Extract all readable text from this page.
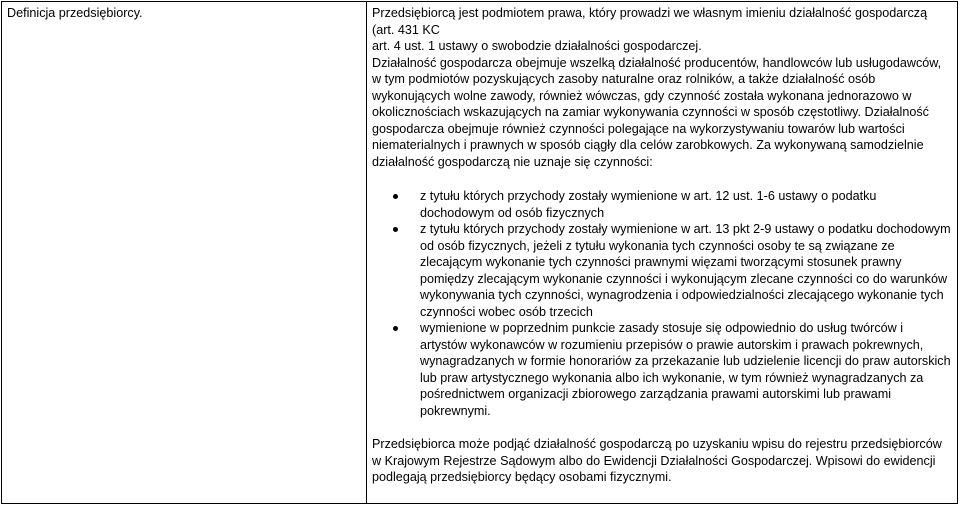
Definicja przedsiębiorcy.	Przedsiębiorcą jest podmiotem prawa, który prowadzi we własnym imieniu działalność gospodarczą (art. 431 KC

art. 4 ust. 1 ustawy o swobodzie działalności gospodarczej.

Działalność gospodarcza obejmuje wszelką działalność producentów, handlowców lub usługodawców, w tym podmiotów pozyskujących zasoby naturalne oraz rolników, a także działalność osób wykonujących wolne zawody, również wówczas, gdy czynność została wykonana jednorazowo w okolicznościach wskazujących na zamiar wykonywania czynności w sposób częstotliwy. Działalność gospodarcza obejmuje również czynności polegające na wykorzystywaniu towarów lub wartości niematerialnych i prawnych w sposób ciągły dla celów zarobkowych. Za wykonywaną samodzielnie działalność gospodarczą nie uznaje się czynności:

z tytułu których przychody zostały wymienione w art. 12 ust. 1-6 ustawy o podatku dochodowym od osób fizycznych
z tytułu których przychody zostały wymienione w art. 13 pkt 2-9 ustawy o podatku dochodowym od osób fizycznych, jeżeli z tytułu wykonania tych czynności osoby te są związane ze zlecającym wykonanie tych czynności prawnymi więzami tworzącymi stosunek prawny pomiędzy zlecającym wykonanie czynności i wykonującym zlecane czynności co do warunków wykonywania tych czynności, wynagrodzenia i odpowiedzialności zlecającego wykonanie tych czynności wobec osób trzecich
wymienione w poprzednim punkcie zasady stosuje się odpowiednio do usług twórców i artystów wykonawców w rozumieniu przepisów o prawie autorskim i prawach pokrewnych, wynagradzanych w formie honorariów za przekazanie lub udzielenie licencji do praw autorskich lub praw artystycznego wykonania albo ich wykonanie, w tym również wynagradzanych za pośrednictwem organizacji zbiorowego zarządzania prawami autorskimi lub prawami pokrewnymi.

Przedsiębiorca może podjąć działalność gospodarczą po uzyskaniu wpisu do rejestru przedsiębiorców w Krajowym Rejestrze Sądowym albo do Ewidencji Działalności Gospodarczej. Wpisowi do ewidencji podlegają przedsiębiorcy będący osobami fizycznymi.
